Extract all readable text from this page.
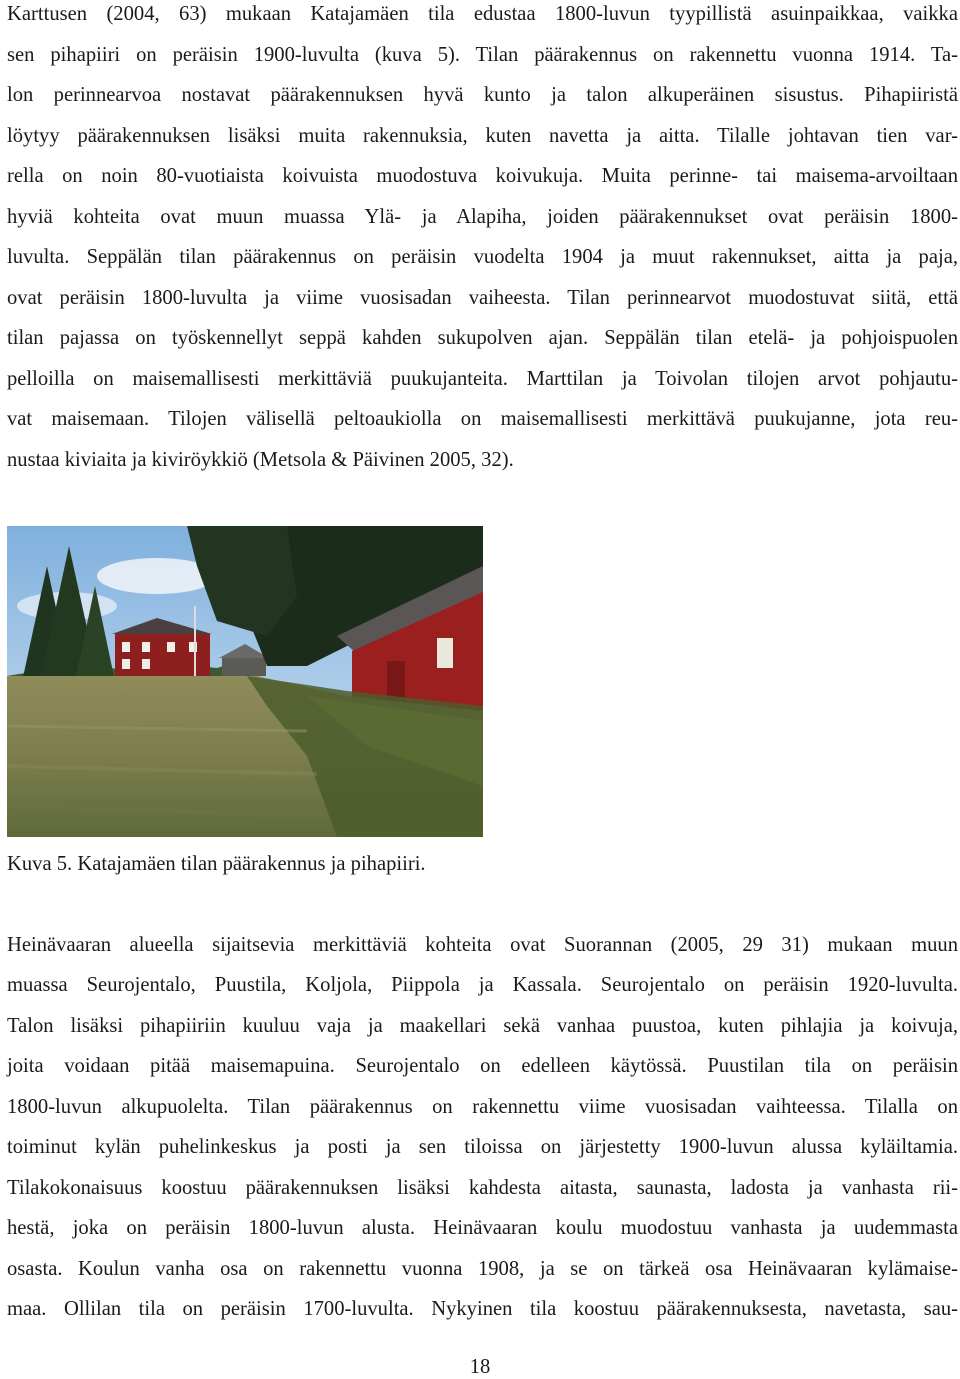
Karttusen (2004, 63) mukaan Katajamäen tila edustaa 1800-luvun tyypillistä asuinpaikkaa, vaikka
sen pihapiiri on peräisin 1900-luvulta (kuva 5). Tilan päärakennus on rakennettu vuonna 1914. Ta-
lon perinnearvoa nostavat päärakennuksen hyvä kunto ja talon alkuperäinen sisustus. Pihapiiristä
löytyy päärakennuksen lisäksi muita rakennuksia, kuten navetta ja aitta. Tilalle johtavan tien var-
rella on noin 80-vuotiaista koivuista muodostuva koivukuja. Muita perinne- tai maisema-arvoiltaan
hyviä kohteita ovat muun muassa Ylä- ja Alapiha, joiden päärakennukset ovat peräisin 1800-
luvulta. Seppälän tilan päärakennus on peräisin vuodelta 1904 ja muut rakennukset, aitta ja paja,
ovat peräisin 1800-luvulta ja viime vuosisadan vaiheesta. Tilan perinnearvot muodostuvat siitä, että
tilan pajassa on työskennellyt seppä kahden sukupolven ajan. Seppälän tilan etelä- ja pohjoispuolen
pelloilla on maisemallisesti merkittäviä puukujanteita. Marttilan ja Toivolan tilojen arvot pohjautu-
vat maisemaan. Tilojen välisellä peltoaukiolla on maisemallisesti merkittävä puukujanne, jota reu-
nustaa kiviaita ja kiviröykkiö (Metsola & Päivinen 2005, 32).
Kuva 5. Katajamäen tilan päärakennus ja pihapiiri.
Heinävaaran alueella sijaitsevia merkittäviä kohteita ovat Suorannan (2005, 29 31) mukaan muun
muassa Seurojentalo, Puustila, Koljola, Piippola ja Kassala. Seurojentalo on peräisin 1920-luvulta.
Talon lisäksi pihapiiriin kuuluu vaja ja maakellari sekä vanhaa puustoa, kuten pihlajia ja koivuja,
joita voidaan pitää maisemapuina. Seurojentalo on edelleen käytössä. Puustilan tila on peräisin
1800-luvun alkupuolelta. Tilan päärakennus on rakennettu viime vuosisadan vaihteessa. Tilalla on
toiminut kylän puhelinkeskus ja posti ja sen tiloissa on järjestetty 1900-luvun alussa kyläiltamia.
Tilakokonaisuus koostuu päärakennuksen lisäksi kahdesta aitasta, saunasta, ladosta ja vanhasta rii-
hestä, joka on peräisin 1800-luvun alusta. Heinävaaran koulu muodostuu vanhasta ja uudemmasta
osasta. Koulun vanha osa on rakennettu vuonna 1908, ja se on tärkeä osa Heinävaaran kylämaise-
maa. Ollilan tila on peräisin 1700-luvulta. Nykyinen tila koostuu päärakennuksesta, navetasta, sau-
18
